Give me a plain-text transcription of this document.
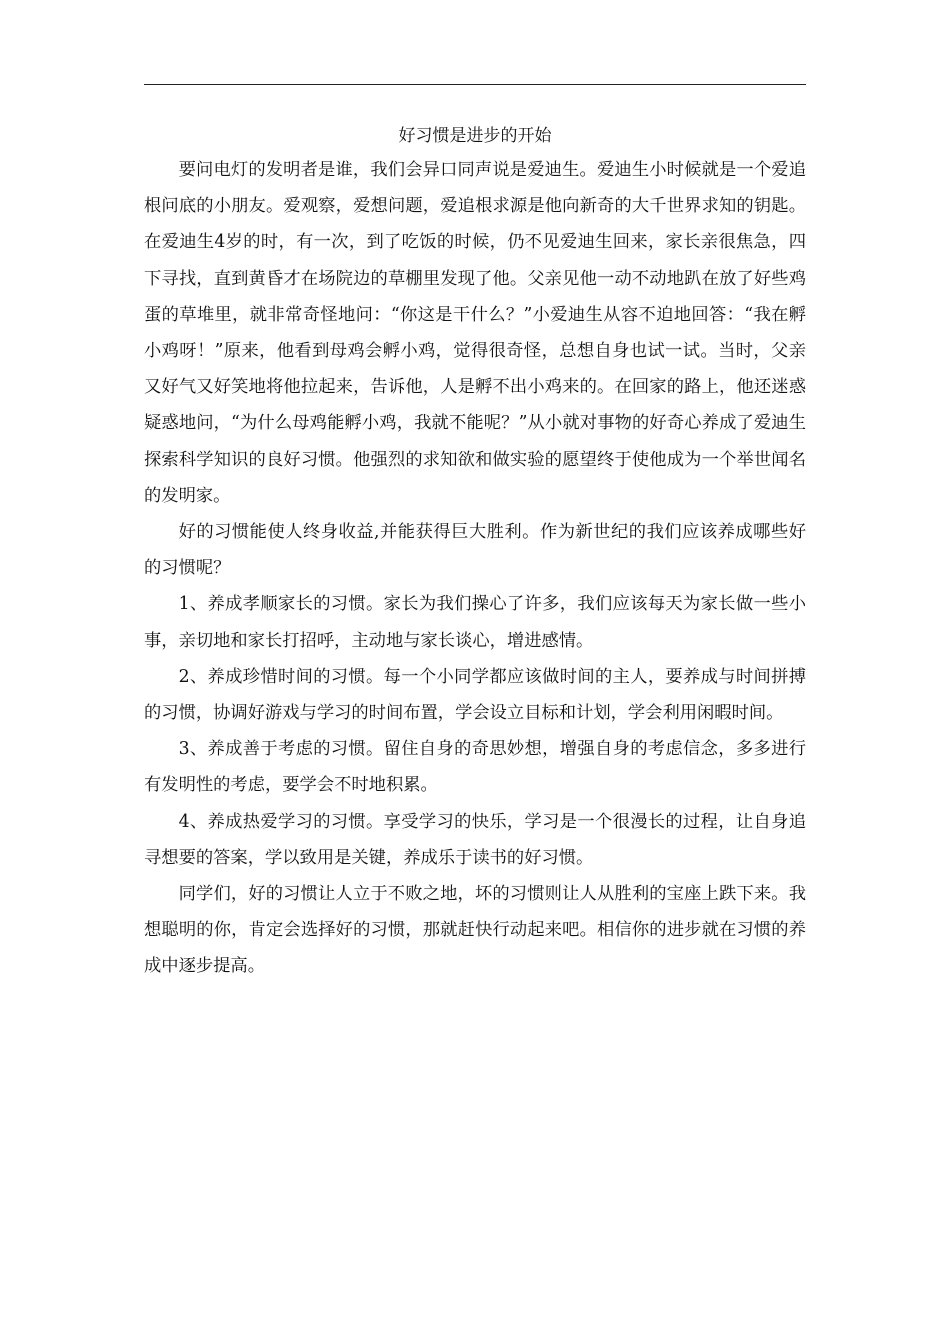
好习惯是进步的开始

要问电灯的发明者是谁，我们会异口同声说是爱迪生。爱迪生小时候就是一个爱追根问底的小朋友。爱观察，爱想问题，爱追根求源是他向新奇的大千世界求知的钥匙。在爱迪生4岁的时，有一次，到了吃饭的时候，仍不见爱迪生回来，家长亲很焦急，四下寻找，直到黄昏才在场院边的草棚里发现了他。父亲见他一动不动地趴在放了好些鸡蛋的草堆里，就非常奇怪地问：“你这是干什么？”小爱迪生从容不迫地回答：“我在孵小鸡呀！”原来，他看到母鸡会孵小鸡，觉得很奇怪，总想自身也试一试。当时，父亲又好气又好笑地将他拉起来，告诉他，人是孵不出小鸡来的。在回家的路上，他还迷惑疑惑地问，“为什么母鸡能孵小鸡，我就不能呢？”从小就对事物的好奇心养成了爱迪生探索科学知识的良好习惯。他强烈的求知欲和做实验的愿望终于使他成为一个举世闻名的发明家。

好的习惯能使人终身收益,并能获得巨大胜利。作为新世纪的我们应该养成哪些好的习惯呢？

1、养成孝顺家长的习惯。家长为我们操心了许多，我们应该每天为家长做一些小事，亲切地和家长打招呼，主动地与家长谈心，增进感情。

2、养成珍惜时间的习惯。每一个小同学都应该做时间的主人，要养成与时间拼搏的习惯，协调好游戏与学习的时间布置，学会设立目标和计划，学会利用闲暇时间。

3、养成善于考虑的习惯。留住自身的奇思妙想，增强自身的考虑信念，多多进行有发明性的考虑，要学会不时地积累。

4、养成热爱学习的习惯。享受学习的快乐，学习是一个很漫长的过程，让自身追寻想要的答案，学以致用是关键，养成乐于读书的好习惯。

同学们，好的习惯让人立于不败之地，坏的习惯则让人从胜利的宝座上跌下来。我想聪明的你，肯定会选择好的习惯，那就赶快行动起来吧。相信你的进步就在习惯的养成中逐步提高。
